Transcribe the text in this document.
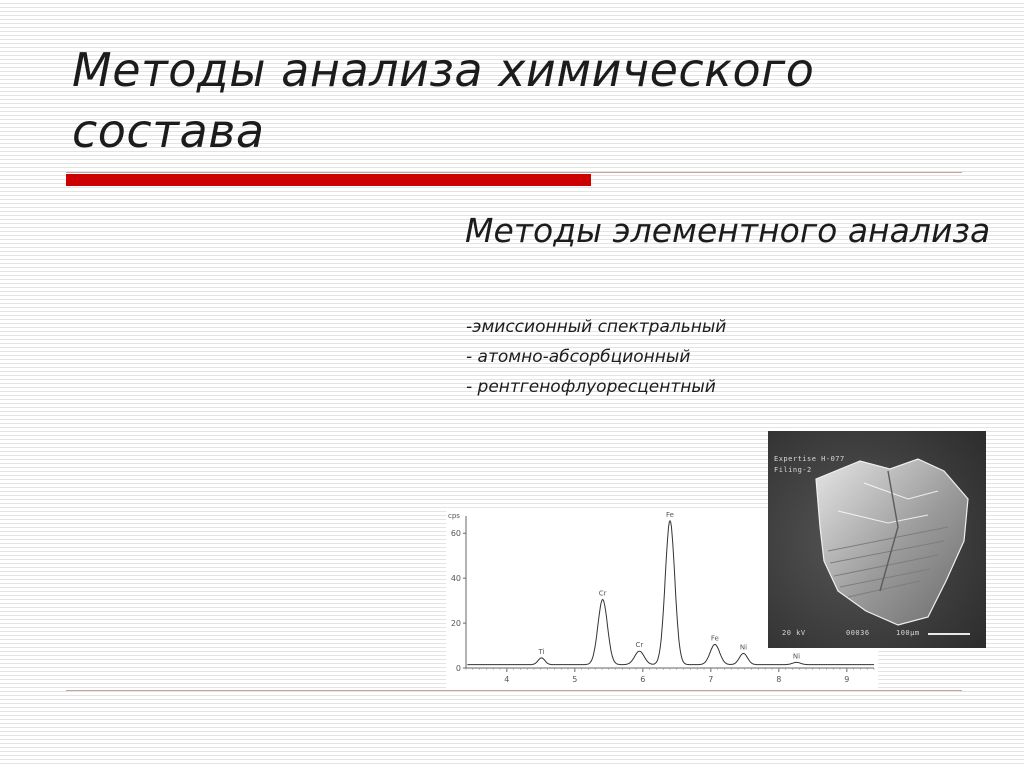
Методы анализа химического состава
Методы элементного анализа
-эмиссионный спектральный
- атомно-абсорбционный
- рентгенофлуоресцентный
cps
0
20
40
60
4	5	6	7	8	9
Ti
Cr
Cr
Fe
Fe
Ni
Ni
Expertise H-077
Filing-2
20 kV	00036	100µm
